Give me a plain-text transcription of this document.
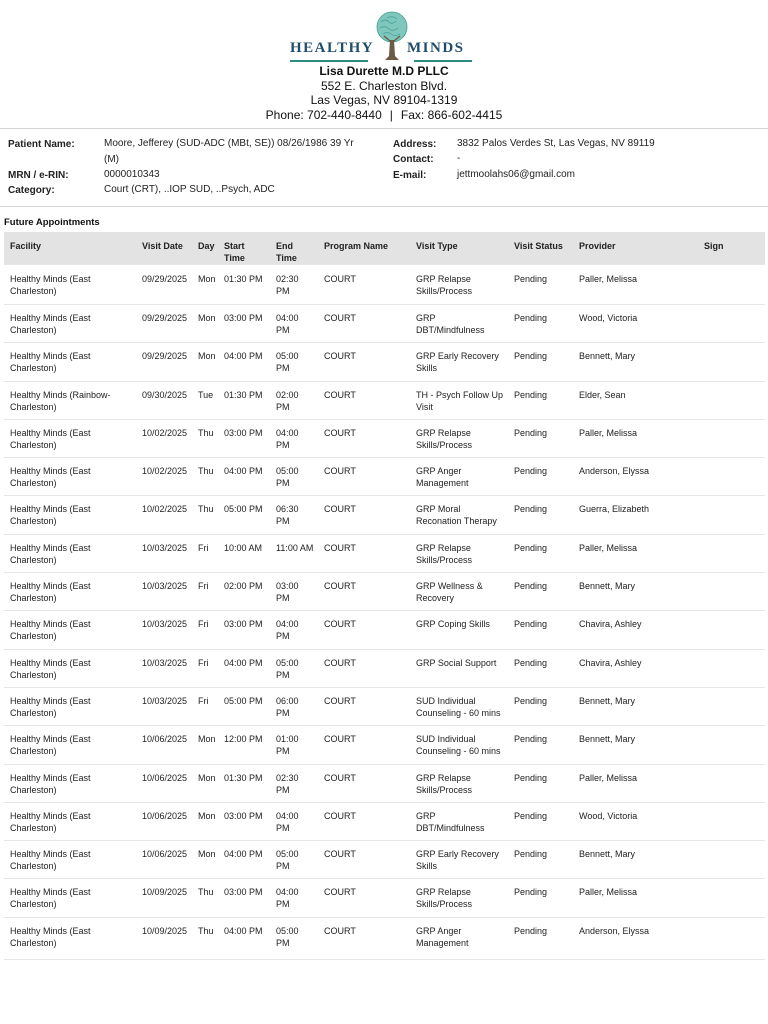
HEALTHY MINDS
Lisa Durette M.D PLLC
552 E. Charleston Blvd.
Las Vegas, NV 89104-1319
Phone: 702-440-8440 | Fax: 866-602-4415
Patient Name:	Moore, Jefferey (SUD-ADC (MBt, SE)) 08/26/1986 39 Yr
(M)
MRN / e-RIN:	0000010343
Category:	Court (CRT), ..IOP SUD, ..Psych, ADC
Address: 3832 Palos Verdes St, Las Vegas, NV 89119
Contact: -
E-mail:	jettmoolahs06@gmail.com
Future Appointments
Facility	Visit Date	Day	Start Time	End Time	Program Name	Visit Type	Visit Status	Provider	Sign
Healthy Minds (East Charleston)	09/29/2025	Mon	01:30 PM	02:30 PM	COURT	GRP Relapse Skills/Process	Pending	Paller, Melissa	
Healthy Minds (East Charleston)	09/29/2025	Mon	03:00 PM	04:00 PM	COURT	GRP DBT/Mindfulness	Pending	Wood, Victoria	
Healthy Minds (East Charleston)	09/29/2025	Mon	04:00 PM	05:00 PM	COURT	GRP Early Recovery Skills	Pending	Bennett, Mary	
Healthy Minds (Rainbow-Charleston)	09/30/2025	Tue	01:30 PM	02:00 PM	COURT	TH - Psych Follow Up Visit	Pending	Elder, Sean	
Healthy Minds (East Charleston)	10/02/2025	Thu	03:00 PM	04:00 PM	COURT	GRP Relapse Skills/Process	Pending	Paller, Melissa	
Healthy Minds (East Charleston)	10/02/2025	Thu	04:00 PM	05:00 PM	COURT	GRP Anger Management	Pending	Anderson, Elyssa	
Healthy Minds (East Charleston)	10/02/2025	Thu	05:00 PM	06:30 PM	COURT	GRP Moral Reconation Therapy	Pending	Guerra, Elizabeth	
Healthy Minds (East Charleston)	10/03/2025	Fri	10:00 AM	11:00 AM	COURT	GRP Relapse Skills/Process	Pending	Paller, Melissa	
Healthy Minds (East Charleston)	10/03/2025	Fri	02:00 PM	03:00 PM	COURT	GRP Wellness & Recovery	Pending	Bennett, Mary	
Healthy Minds (East Charleston)	10/03/2025	Fri	03:00 PM	04:00 PM	COURT	GRP Coping Skills	Pending	Chavira, Ashley	
Healthy Minds (East Charleston)	10/03/2025	Fri	04:00 PM	05:00 PM	COURT	GRP Social Support	Pending	Chavira, Ashley	
Healthy Minds (East Charleston)	10/03/2025	Fri	05:00 PM	06:00 PM	COURT	SUD Individual Counseling - 60 mins	Pending	Bennett, Mary	
Healthy Minds (East Charleston)	10/06/2025	Mon	12:00 PM	01:00 PM	COURT	SUD Individual Counseling - 60 mins	Pending	Bennett, Mary	
Healthy Minds (East Charleston)	10/06/2025	Mon	01:30 PM	02:30 PM	COURT	GRP Relapse Skills/Process	Pending	Paller, Melissa	
Healthy Minds (East Charleston)	10/06/2025	Mon	03:00 PM	04:00 PM	COURT	GRP DBT/Mindfulness	Pending	Wood, Victoria	
Healthy Minds (East Charleston)	10/06/2025	Mon	04:00 PM	05:00 PM	COURT	GRP Early Recovery Skills	Pending	Bennett, Mary	
Healthy Minds (East Charleston)	10/09/2025	Thu	03:00 PM	04:00 PM	COURT	GRP Relapse Skills/Process	Pending	Paller, Melissa	
Healthy Minds (East Charleston)	10/09/2025	Thu	04:00 PM	05:00 PM	COURT	GRP Anger Management	Pending	Anderson, Elyssa	
